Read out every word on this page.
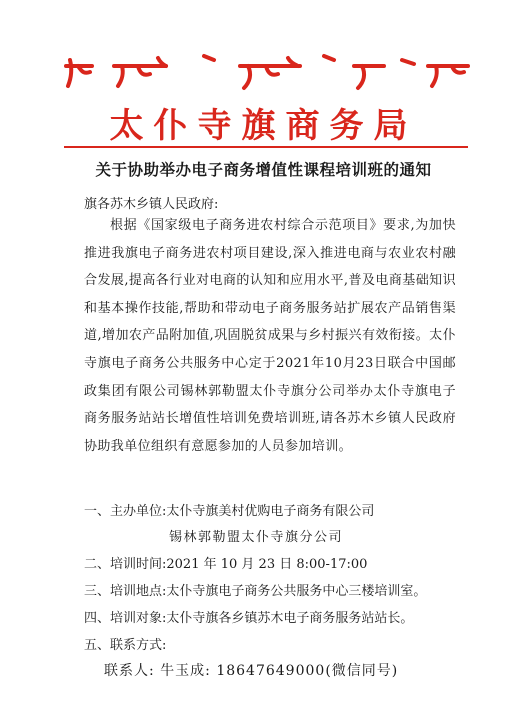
太仆寺旗商务局
关于协助举办电子商务增值性课程培训班的通知
旗各苏木乡镇人民政府:

根据《国家级电子商务进农村综合示范项目》要求,为加快推进我旗电子商务进农村项目建设,深入推进电商与农业农村融合发展,提高各行业对电商的认知和应用水平,普及电商基础知识和基本操作技能,帮助和带动电子商务服务站扩展农产品销售渠道,增加农产品附加值,巩固脱贫成果与乡村振兴有效衔接。太仆寺旗电子商务公共服务中心定于2021年10月23日联合中国邮政集团有限公司锡林郭勒盟太仆寺旗分公司举办太仆寺旗电子商务服务站站长增值性培训免费培训班,请各苏木乡镇人民政府协助我单位组织有意愿参加的人员参加培训。

一、主办单位:太仆寺旗美村优购电子商务有限公司
锡林郭勒盟太仆寺旗分公司
二、培训时间:2021 年 10 月 23 日 8:00-17:00
三、培训地点:太仆寺旗电子商务公共服务中心三楼培训室。
四、培训对象:太仆寺旗各乡镇苏木电子商务服务站站长。
五、联系方式:
联系人: 牛玉成: 18647649000(微信同号)
